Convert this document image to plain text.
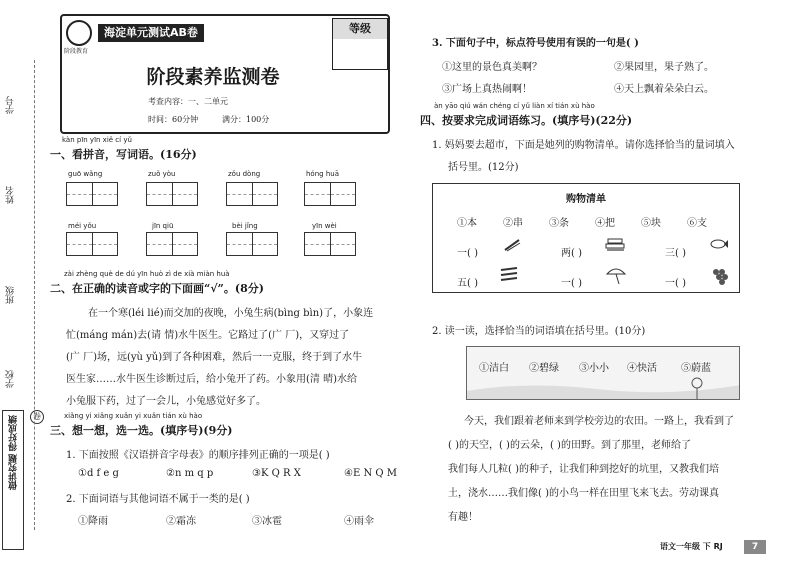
学号
姓名
班级
学校
做讲究题 得好成绩	卷
阶段教育
海淀单元测试AB卷	等级
阶段素养监测卷
考查内容：一、二单元
时间：60分钟	满分：100分
kàn pīn yīn xiě cí yǔ
一、看拼音，写词语。(16分)
guō wǎng	zuǒ yòu	zǒu dòng	hóng huā
méi yǒu	jīn qiū	bèi jǐng	yīn wèi
zài zhèng què de dú yīn huò zì de xià miàn huà
二、在正确的读音或字的下面画“√”。(8分)
在一个寒(léi lié)而交加的夜晚，小兔生病(bìng bìn)了，小象连
忙(máng mán)去(请 情)水牛医生。它路过了(广 厂)，又穿过了
(广 厂)场，远(yù yǔ)到了各种困难，然后一一克服，终于到了水牛
医生家……水牛医生诊断过后，给小兔开了药。小象用(清 晴)水给
小兔服下药，过了一会儿，小兔感觉好多了。
xiǎng yi xiǎng xuǎn yi xuǎn tián xù hào
三、想一想，选一选。(填序号)(9分)
1. 下面按照《汉语拼音字母表》的顺序排列正确的一项是( )
①d f e g	②n m q p	③K Q R X	④E N Q M
2. 下面词语与其他词语不属于一类的是( )
①降雨	②霜冻	③冰雹	④雨伞
3. 下面句子中，标点符号使用有误的一句是( )
①这里的景色真美啊？	②果园里，果子熟了。
③广场上真热闹啊！	④天上飘着朵朵白云。
àn yāo qiú wán chéng cí yǔ liàn xí tián xù hào
四、按要求完成词语练习。(填序号)(22分)
1. 妈妈要去超市，下面是她列的购物清单。请你选择恰当的量词填入
括号里。(12分)
购物清单
①本	②串	③条	④把	⑤块	⑥支
一( )	两( )	三( )
五( )	一( )	一( )
2. 读一读，选择恰当的词语填在括号里。(10分)
①洁白 ②碧绿 ③小小 ④快活 ⑤蔚蓝
今天，我们跟着老师来到学校旁边的农田。一路上，我看到了
( )的天空，( )的云朵，( )的田野。到了那里，老师给了
我们每人几粒( )的种子，让我们种到挖好的坑里，又教我们培
土，浇水……我们像( )的小鸟一样在田里飞来飞去。劳动课真
有趣！
语文一年级 下 RJ	7
